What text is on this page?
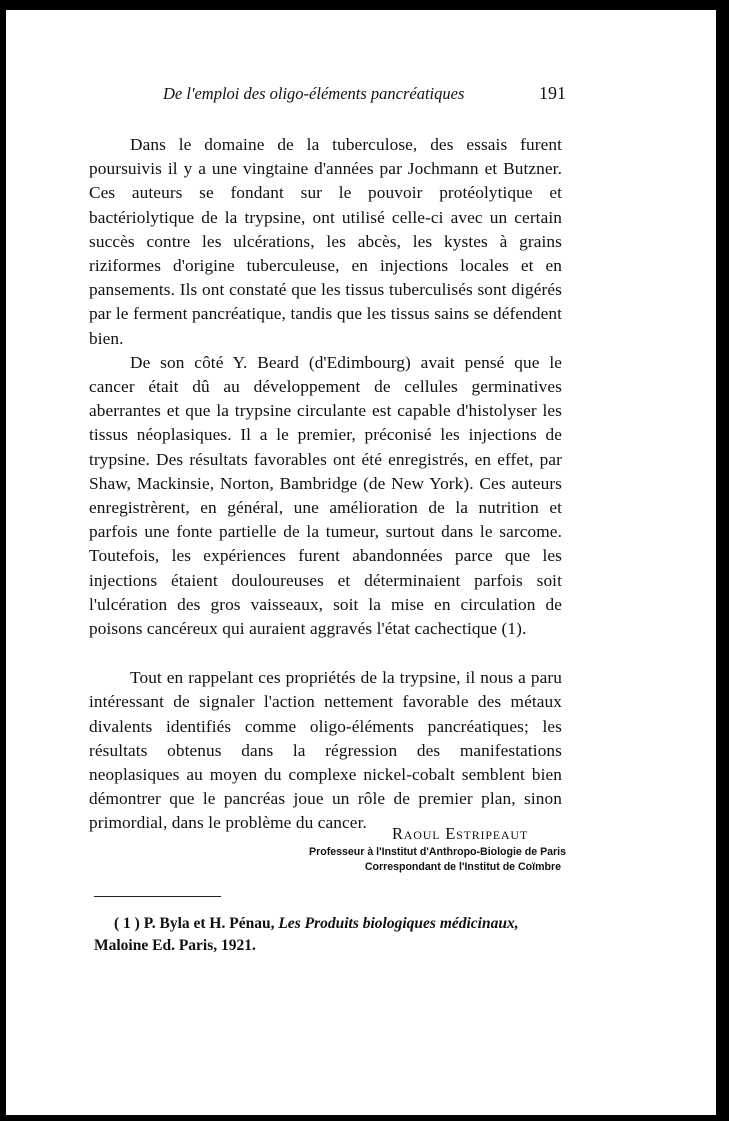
De l'emploi des oligo-éléments pancréatiques	191

Dans le domaine de la tuberculose, des essais furent poursuivis il y a une vingtaine d'années par Jochmann et Butzner. Ces auteurs se fondant sur le pouvoir protéolytique et bactériolytique de la trypsine, ont utilisé celle-ci avec un certain succès contre les ulcérations, les abcès, les kystes à grains riziformes d'origine tuberculeuse, en injections locales et en pansements. Ils ont constaté que les tissus tuberculisés sont digérés par le ferment pancréatique, tandis que les tissus sains se défendent bien.

De son côté Y. Beard (d'Edimbourg) avait pensé que le cancer était dû au développement de cellules germinatives aberrantes et que la trypsine circulante est capable d'histolyser les tissus néoplasiques. Il a le premier, préconisé les injections de trypsine. Des résultats favorables ont été enregistrés, en effet, par Shaw, Mackinsie, Norton, Bambridge (de New York). Ces auteurs enregistrèrent, en général, une amélioration de la nutrition et parfois une fonte partielle de la tumeur, surtout dans le sarcome. Toutefois, les expériences furent abandonnées parce que les injections étaient douloureuses et déterminaient parfois soit l'ulcération des gros vaisseaux, soit la mise en circulation de poisons cancéreux qui auraient aggravés l'état cachectique (1).

Tout en rappelant ces propriétés de la trypsine, il nous a paru intéressant de signaler l'action nettement favorable des métaux divalents identifiés comme oligo-éléments pancréatiques; les résultats obtenus dans la régression des manifestations neoplasiques au moyen du complexe nickel-cobalt semblent bien démontrer que le pancréas joue un rôle de premier plan, sinon primordial, dans le problème du cancer.

Raoul Estripeaut
Professeur à l'Institut d'Anthropo-Biologie de Paris
Correspondant de l'Institut de Coïmbre
( 1 ) P. Byla et H. Pénau, Les Produits biologiques médicinaux, Maloine Ed. Paris, 1921.
